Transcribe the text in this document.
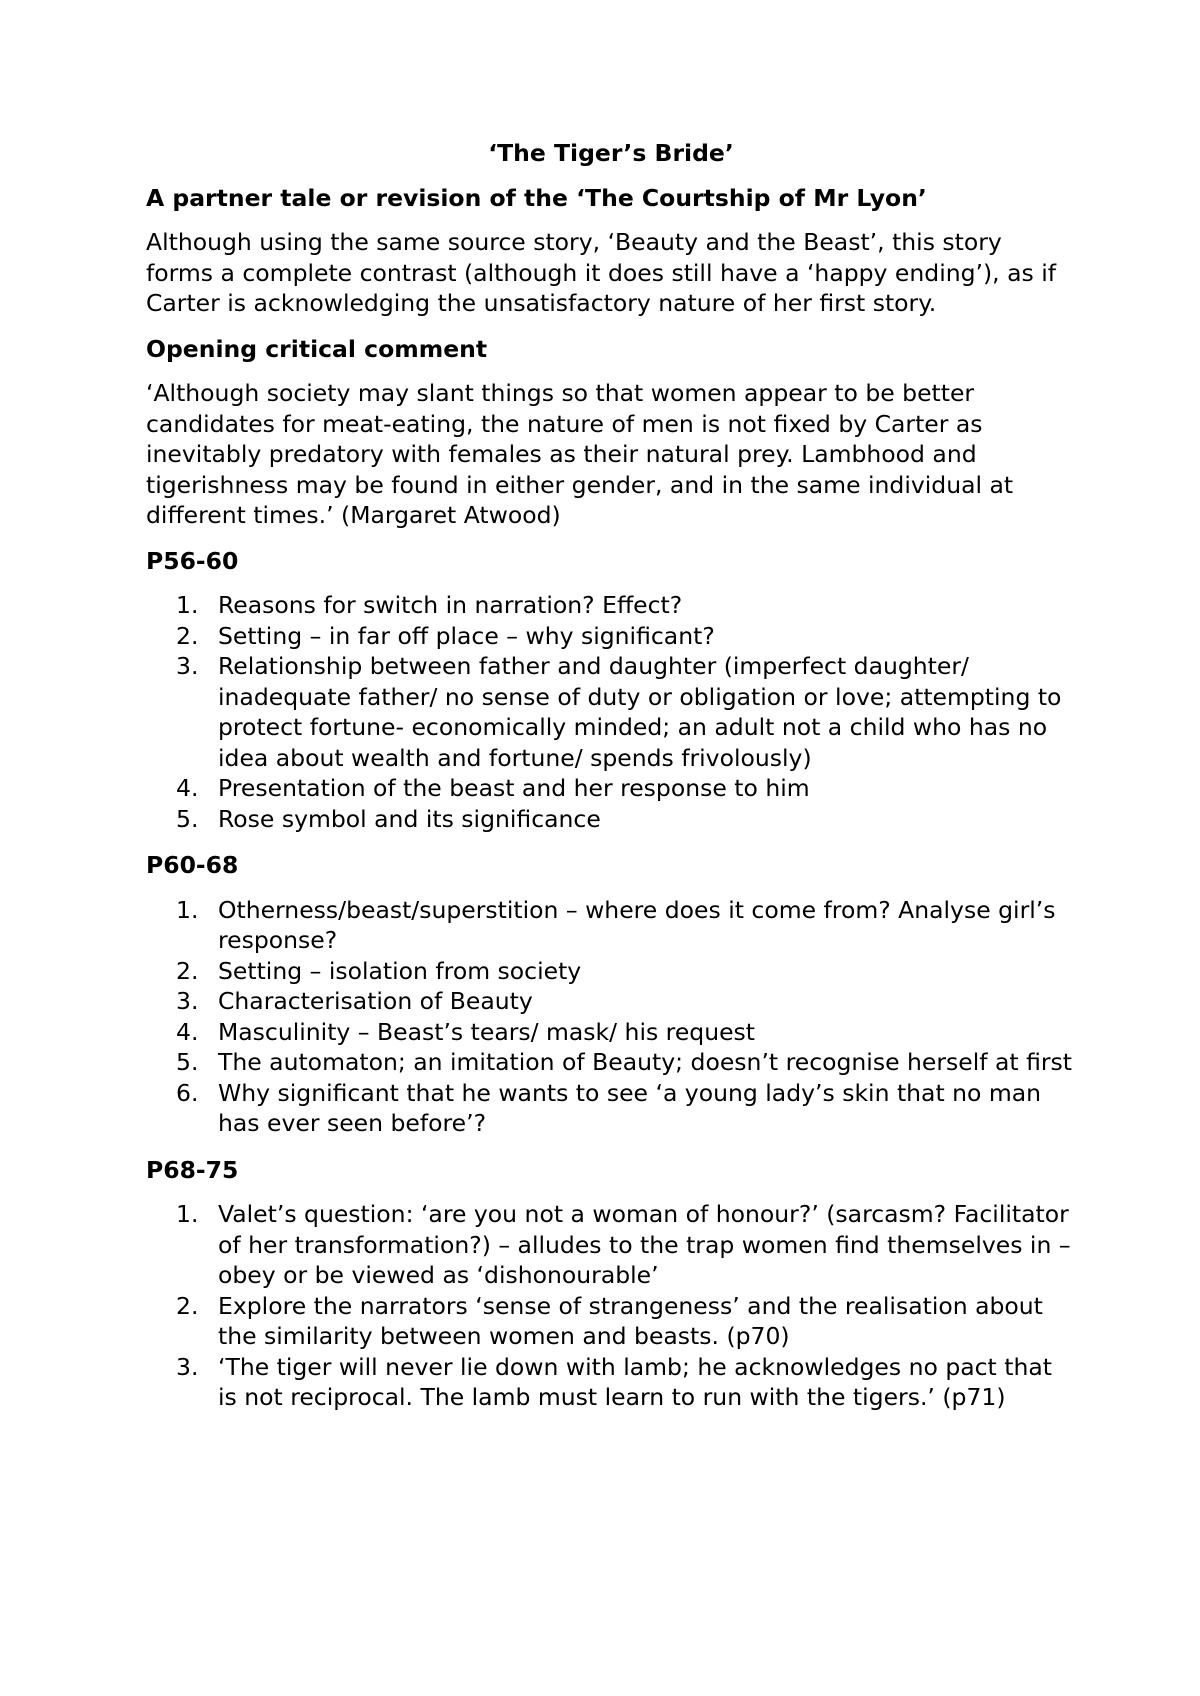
‘The Tiger’s Bride’
A partner tale or revision of the ‘The Courtship of Mr Lyon’

Although using the same source story, ‘Beauty and the Beast’, this story forms a complete contrast (although it does still have a ‘happy ending’), as if Carter is acknowledging the unsatisfactory nature of her first story.

Opening critical comment

‘Although society may slant things so that women appear to be better candidates for meat-eating, the nature of men is not fixed by Carter as inevitably predatory with females as their natural prey. Lambhood and tigerishness may be found in either gender, and in the same individual at different times.’ (Margaret Atwood)

P56-60
1. Reasons for switch in narration? Effect?
2. Setting – in far off place – why significant?
3. Relationship between father and daughter (imperfect daughter/ inadequate father/ no sense of duty or obligation or love; attempting to protect fortune- economically minded; an adult not a child who has no idea about wealth and fortune/ spends frivolously)
4. Presentation of the beast and her response to him
5. Rose symbol and its significance
P60-68
1. Otherness/beast/superstition – where does it come from? Analyse girl’s response?
2. Setting – isolation from society
3. Characterisation of Beauty
4. Masculinity – Beast’s tears/ mask/ his request
5. The automaton; an imitation of Beauty; doesn’t recognise herself at first
6. Why significant that he wants to see ‘a young lady’s skin that no man has ever seen before’?
P68-75
1. Valet’s question: ‘are you not a woman of honour?’ (sarcasm? Facilitator of her transformation?) – alludes to the trap women find themselves in – obey or be viewed as ‘dishonourable’
2. Explore the narrators ‘sense of strangeness’ and the realisation about the similarity between women and beasts. (p70)
3. ‘The tiger will never lie down with lamb; he acknowledges no pact that is not reciprocal. The lamb must learn to run with the tigers.’ (p71)
